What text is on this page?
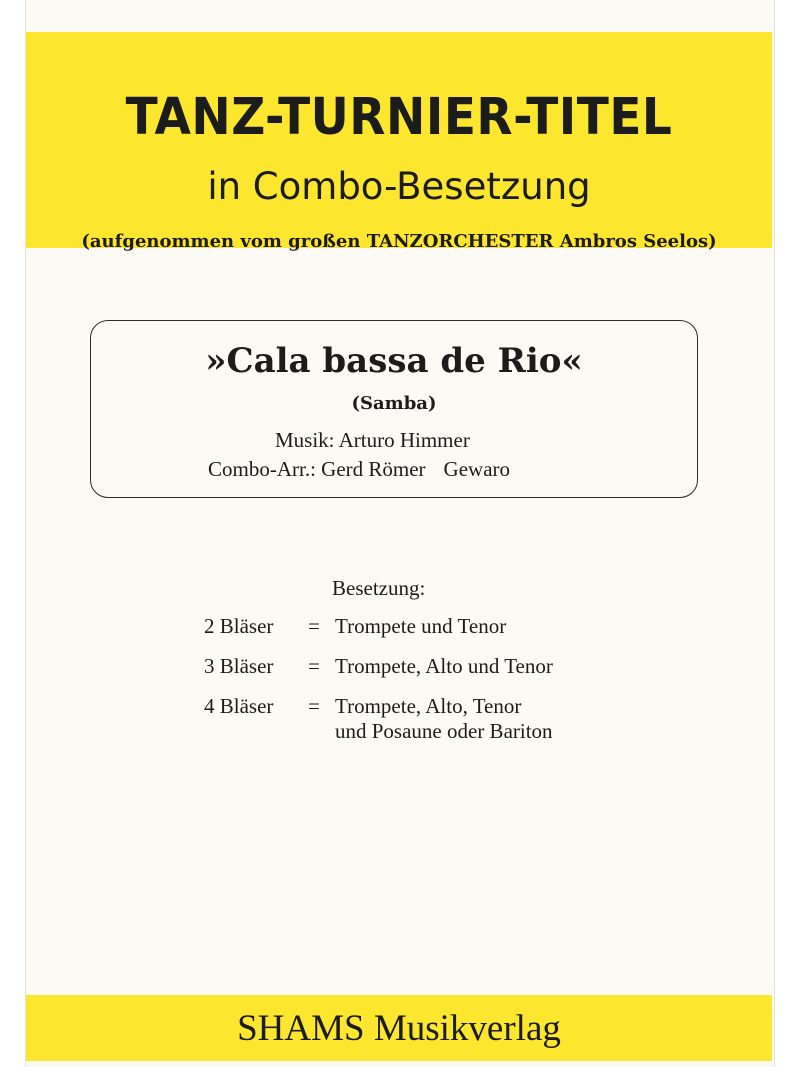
TANZ-TURNIER-TITEL
in Combo-Besetzung
(aufgenommen vom großen TANZORCHESTER Ambros Seelos)
»Cala bassa de Rio«
(Samba)
Musik: Arturo Himmer
Combo-Arr.: Gerd Römer Gewaro
Besetzung:
2 Bläser = Trompete und Tenor
3 Bläser = Trompete, Alto und Tenor
4 Bläser = Trompete, Alto, Tenor
und Posaune oder Bariton
SHAMS Musikverlag
